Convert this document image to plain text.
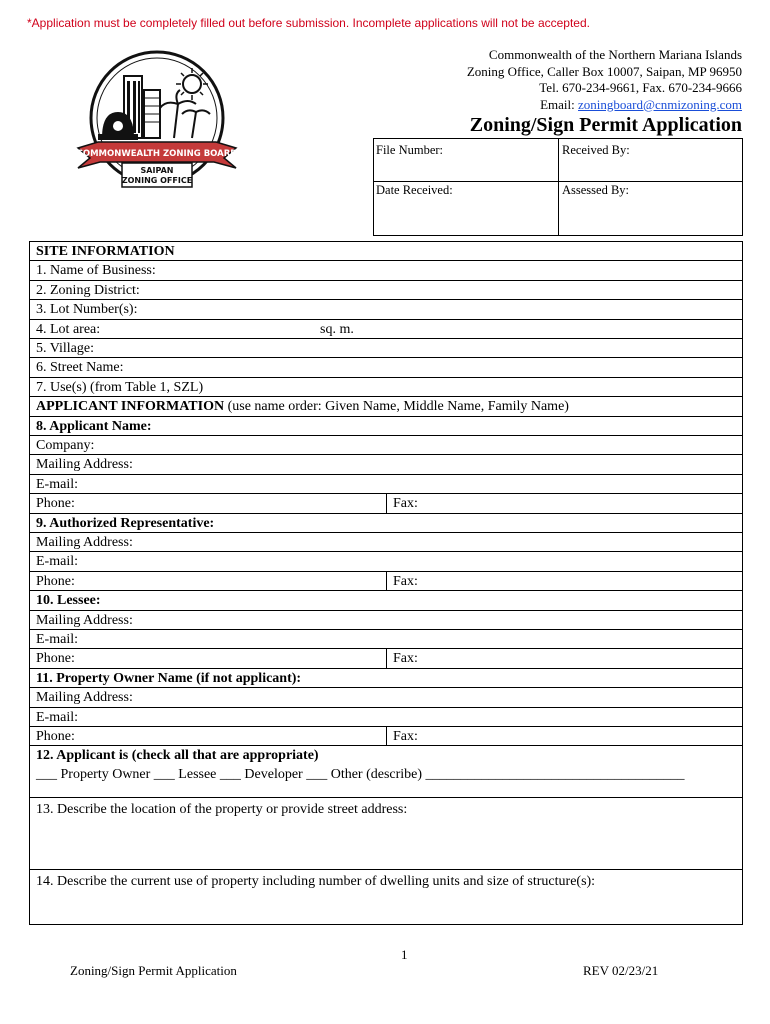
*Application must be completely filled out before submission. Incomplete applications will not be accepted.
COMMONWEALTH ZONING BOARD
SAIPAN
ZONING OFFICE
Commonwealth of the Northern Mariana Islands
Zoning Office, Caller Box 10007, Saipan, MP 96950
Tel. 670-234-9661, Fax. 670-234-9666
Email: zoningboard@cnmizoning.com
Zoning/Sign Permit Application
File Number:	Received By:
Date Received:	Assessed By:
SITE INFORMATION
1. Name of Business:
2. Zoning District:
3. Lot Number(s):
4. Lot area:	sq. m.
5. Village:
6. Street Name:
7. Use(s) (from Table 1, SZL)
APPLICANT INFORMATION (use name order: Given Name, Middle Name, Family Name)
8. Applicant Name:
Company:
Mailing Address:
E-mail:
Phone:	Fax:
9. Authorized Representative:
Mailing Address:
E-mail:
Phone:	Fax:
10. Lessee:
Mailing Address:
E-mail:
Phone:	Fax:
11. Property Owner Name (if not applicant):
Mailing Address:
E-mail:
Phone:	Fax:
12. Applicant is (check all that are appropriate)
___ Property Owner ___ Lessee ___ Developer ___ Other (describe) _____________________________________
13. Describe the location of the property or provide street address:
14. Describe the current use of property including number of dwelling units and size of structure(s):
1
Zoning/Sign Permit Application	REV 02/23/21
